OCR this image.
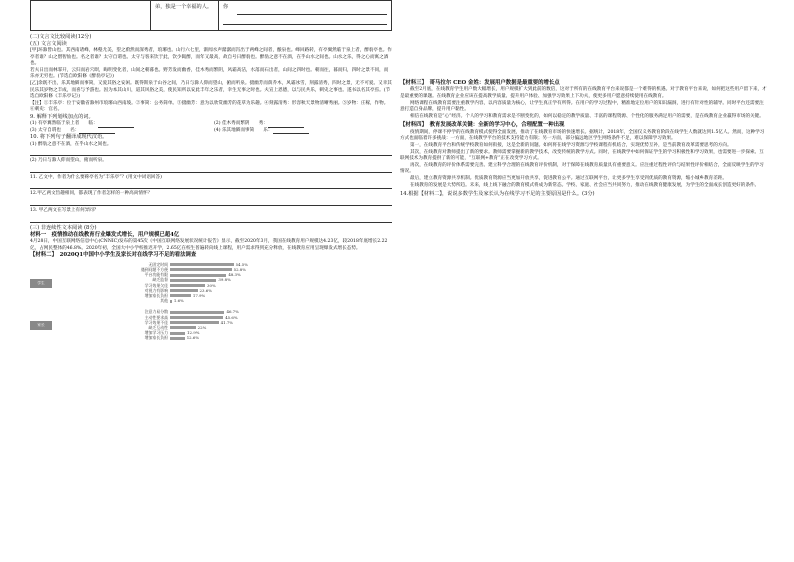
	弟，独是一个幸福的人。	你
(二)文言文比较阅读(12分)
(五) 文言文阅读
[甲]环滁皆山也。其西南诸峰，林壑尤美，望之蔚然而深秀者，琅琊也。山行六七里，渐闻水声潺潺而泻出于两峰之间者，酿泉也。峰回路转，有亭翼然临于泉上者，醉翁亭也。作亭者谁？山之僧智仙也。名之者谁？太守自谓也。太守与客来饮于此，饮少辄醉，而年又最高，故自号曰醉翁也。醉翁之意不在酒，在乎山水之间也。山水之乐，得之心而寓之酒也。
若夫日出而林霏开，云归而岩穴暝，晦明变化者，山间之朝暮也。野芳发而幽香，佳木秀而繁阴，风霜高洁，水落而石出者，山间之四时也。朝而往，暮而归，四时之景不同，而乐亦无穷也。(节选自欧阳修《醉翁亭记》)
[乙]余既不出，乐其地僻而事简，又爱其俗之安闲。既得斯泉于山谷之间，乃日与滁人仰而望山，俯而听泉。掇幽芳而荫乔木，风霜冰雪，刻露清秀，四时之景，无不可爱。又幸其民乐其岁物之丰成，而喜与予游也。因为本其山川，道其风俗之美，使民知所以安此丰年之乐者，幸生无事之时也。夫宣上恩德，以与民共乐，刺史之事也。遂书以名其亭焉。(节选自欧阳修《丰乐亭记》)
【注】①丰乐亭：位于安徽省滁州市琅琊山西南坡。②事简：公务简单。③掇幽芳：意为以欣赏幽芳的花草为乐趣。④刻露清秀：形容秋天景物清晰秀丽。⑤岁物：庄稼，作物。⑥刺史：官名。
9. 解释下列划线加点的词。
(1) 有亭翼然临于泉上者　　临：	(2) 佳木秀而繁阴　　秀：
(3) 太守自谓也　　名：	(4) 乐其地僻而事简　　乐：
10. 将下列句子翻译成现代汉语。
(1) 醉翁之意不在酒，在乎山水之间也。
(2) 乃日与滁人仰而望山，俯而听泉。
11. 乙文中，作者为什么要称亭名为“丰乐亭”？(用文中词语回答)
12.甲乙两文旨趣相同，都表现了作者怎样的一种高尚情怀？
13. 甲乙两文在写景上有何异同？
(三) 非连续性文本阅读 (8分)
材料一　疫情推动在线教育行业爆发式增长，用户规模已超4亿
4月28日，中国互联网络信息中心(CNNIC)发布的第45次《中国互联网络发展状况统计报告》显示，截至2020年3月，我国在线教育用户规模达4.23亿，较2018年底增长2.22亿，占网民整体的46.8%。2020年初，全国大中小学校推迟开学，2.65亿在校生普遍转向线上课程，用户需求得到充分释放，在线教育应用呈现爆发式增长态势。
【材料二】　2020Q1中国中小学生及家长对在线学习不足的看法调查
无固定时间	54.5%
遇到问题不方便	52.8%
平台功能有限	48.3%
缺乏监督	39.8%
学习效果欠佳	30%
对视力有影响	23.6%
增加家长负担	17.9%
其他 1.6%
学生
注意力易分散	46.7%
主动性要求高	45.6%
学习效果不佳	41.7%
缺乏互动性	22%
增加学习压力	12.9%
增加家长负担	12.6%
家长
【材料三】　哥马拉尔 CEO 金姓：发展用户数据是最重要的增长点
截至2月底，在线教育学生用户数大幅增长，用户规模扩大到此前的数倍，这对于所有的在线教育平台来说都是一个难得的机遇。对于教育平台来说，如何把这些用户留下来，才是最重要的课题。在线教育企业应该在提高教学质量、提升用户体验、加强学习效果上下功夫，使更多用户愿意持续使用在线教育。
网络课程在线教育需要注重教学内容，以内容质量为核心，让学生真正学有所得。在用户的学习过程中，精准地定位用户的知识漏洞，进行有针对性的辅导。同时平台还需要注意打造自身品牌，提升用户黏性。
相信在线教育是“心”经济。个人的学习和教育需求是不断变化的，如何以稳定的教学质量、丰富的课程资源、个性化的服务满足用户的需要，是在线教育企业赢得市场的关键。
【材料四】　教育发展改革关键：全新的学习中心，合理配置一种出现
疫情期间，停课不停学的在线教育模式使得全面发展，推动了在线教育市场的快速增长。据统计，2018年，全国仅义务教育阶段在线学生人数就达到1.5亿人。然而，这种学习方式也面临着许多挑战：一方面，在线教学平台的技术支持能力有限；另一方面，部分偏远地区学生网络条件不足，难以保障学习效果。
第一，在线教育平台和传统学校教育如何衔接，这是全新的问题。如何将在线学习资源与学校课程有机结合，实现优势互补，是当前教育改革需要思考的方向。
其次，在线教育对教师提出了新的要求。教师需要掌握新的教学技术，改变传统的教学方式。同时，在线教学中如何保证学生的学习积极性和学习效果，也需要进一步探索。互联网技术为教育提供了新的可能，“互联网+教育”正在改变学习方式。
再次，在线教育的评价体系需要完善。建立科学合理的在线教育评价机制，对于保障在线教育质量具有重要意义。应注重过程性评价与结果性评价相结合，全面反映学生的学习情况。
最后，建立教育资源共享机制。优质教育资源应当更加开放共享，促进教育公平。通过互联网平台，让更多学生享受到优质的教育资源，缩小城乡教育差距。
在线教育的发展是大势所趋。未来，线上线下融合的教育模式将成为新常态。学校、家庭、社会应当共同努力，推动在线教育健康发展，为学生的全面成长创造更好的条件。
14.根据【材料二】，说说多数学生及家长认为在线学习不足的主要原因是什么。(3分)
